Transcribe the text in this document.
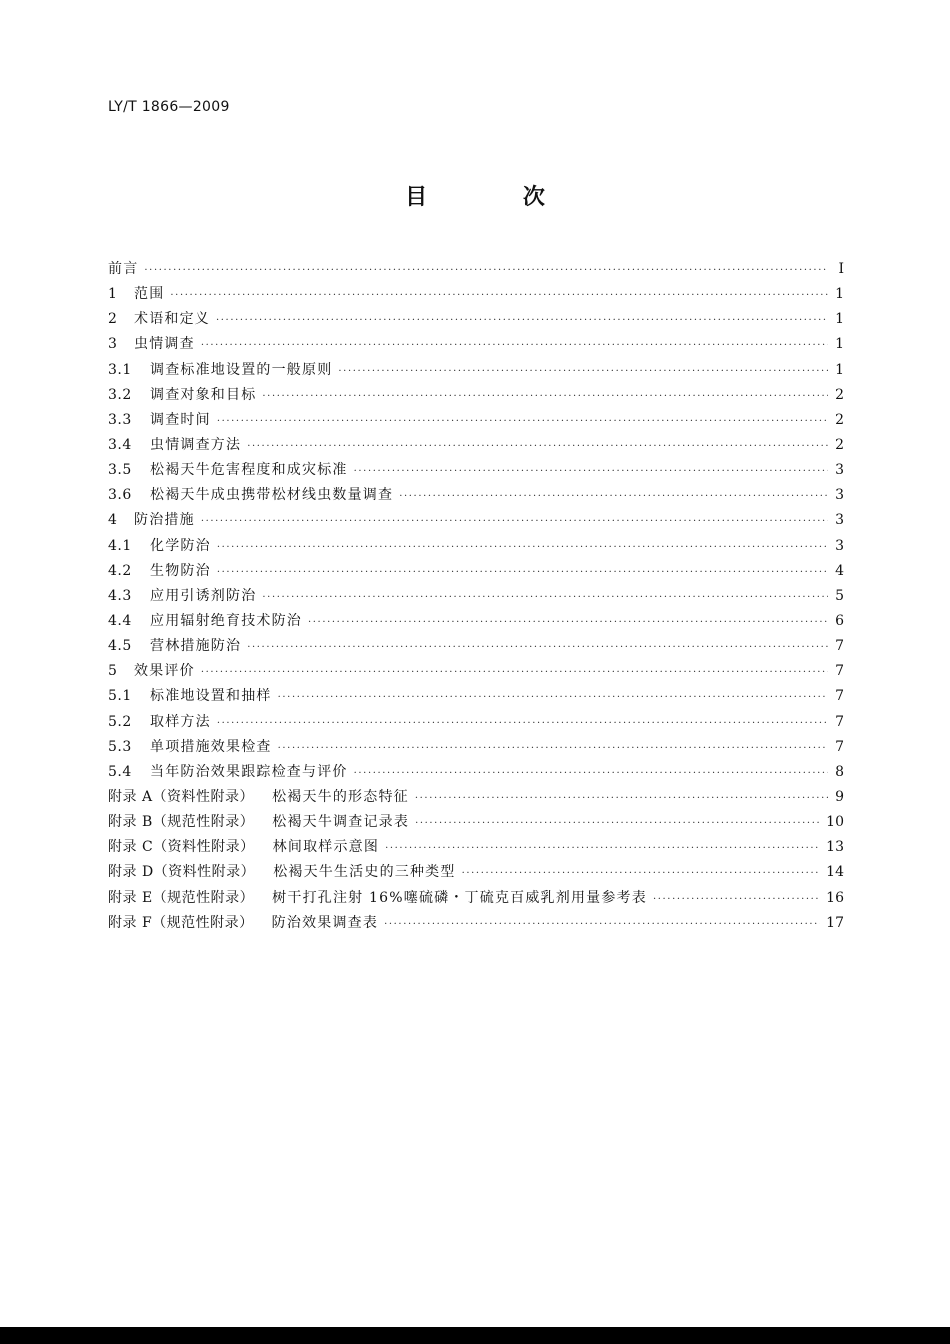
LY/T 1866—2009
目 次
前言 ·····	Ⅰ
1	范围 ·····	1
2	术语和定义 ·····	1
3	虫情调查 ·····	1
3.1	调查标准地设置的一般原则 ·····	1
3.2	调查对象和目标 ·····	2
3.3	调查时间 ·····	2
3.4	虫情调查方法 ·····	2
3.5	松褐天牛危害程度和成灾标准 ·····	3
3.6	松褐天牛成虫携带松材线虫数量调查 ·····	3
4	防治措施 ·····	3
4.1	化学防治 ·····	3
4.2	生物防治 ·····	4
4.3	应用引诱剂防治 ·····	5
4.4	应用辐射绝育技术防治 ·····	6
4.5	营林措施防治 ·····	7
5	效果评价 ·····	7
5.1	标准地设置和抽样 ·····	7
5.2	取样方法 ·····	7
5.3	单项措施效果检查 ·····	7
5.4	当年防治效果跟踪检查与评价 ·····	8
附录 A（资料性附录） 松褐天牛的形态特征 ·····	9
附录 B（规范性附录） 松褐天牛调查记录表 ·····	10
附录 C（资料性附录） 林间取样示意图 ·····	13
附录 D（资料性附录） 松褐天牛生活史的三种类型 ·····	14
附录 E（规范性附录） 树干打孔注射 16%噻硫磷・丁硫克百威乳剂用量参考表 ·····	16
附录 F（规范性附录） 防治效果调查表 ·····	17
